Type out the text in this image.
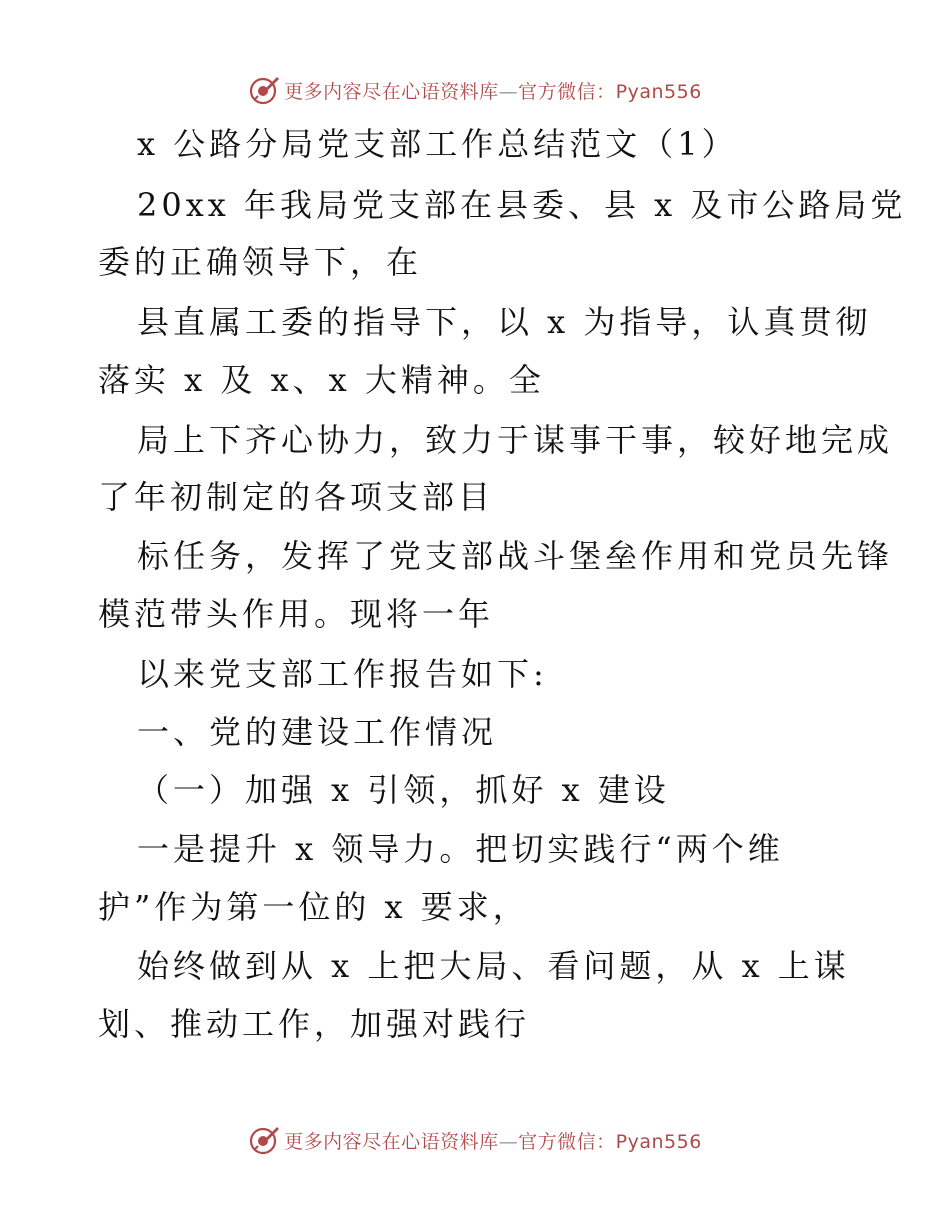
更多内容尽在心语资料库—官方微信：Pyan556
x 公路分局党支部工作总结范文（1）
20xx 年我局党支部在县委、县 x 及市公路局党
委的正确领导下，在
县直属工委的指导下，以 x 为指导，认真贯彻
落实 x 及 x、x 大精神。全
局上下齐心协力，致力于谋事干事，较好地完成
了年初制定的各项支部目
标任务，发挥了党支部战斗堡垒作用和党员先锋
模范带头作用。现将一年
以来党支部工作报告如下:
一、党的建设工作情况
（一）加强 x 引领，抓好 x 建设
一是提升 x 领导力。把切实践行“两个维
护”作为第一位的 x 要求，
始终做到从 x 上把大局、看问题，从 x 上谋
划、推动工作，加强对践行
更多内容尽在心语资料库—官方微信：Pyan556
